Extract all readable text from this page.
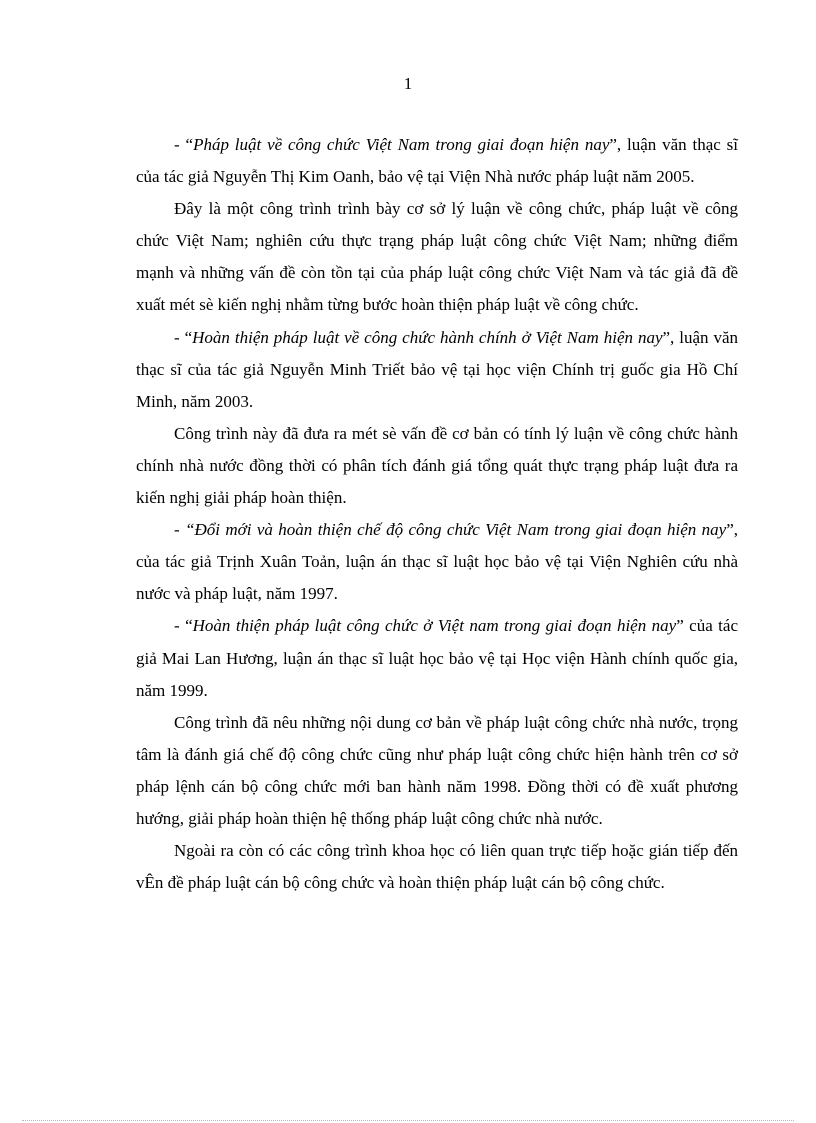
1

- “Pháp luật về công chức Việt Nam trong giai đoạn hiện nay”, luận văn thạc sĩ của tác giả Nguyễn Thị Kim Oanh, bảo vệ tại Viện Nhà nước pháp luật năm 2005.

Đây là một công trình trình bày cơ sở lý luận về công chức, pháp luật về công chức Việt Nam; nghiên cứu thực trạng pháp luật công chức Việt Nam; những điểm mạnh và những vấn đề còn tồn tại của pháp luật công chức Việt Nam và tác giả đã đề xuất mét sè kiến nghị nhằm từng bước hoàn thiện pháp luật về công chức.

- “Hoàn thiện pháp luật về công chức hành chính ở Việt Nam hiện nay”, luận văn thạc sĩ của tác giả Nguyễn Minh Triết bảo vệ tại học viện Chính trị guốc gia Hồ Chí Minh, năm 2003.

Công trình này đã đưa ra mét sè vấn đề cơ bản có tính lý luận về công chức hành chính nhà nước đồng thời có phân tích đánh giá tổng quát thực trạng pháp luật đưa ra kiến nghị giải pháp hoàn thiện.

- “Đổi mới và hoàn thiện chế độ công chức Việt Nam trong giai đoạn hiện nay”, của tác giả Trịnh Xuân Toản, luận án thạc sĩ luật học bảo vệ tại Viện Nghiên cứu nhà nước và pháp luật, năm 1997.

- “Hoàn thiện pháp luật công chức ở Việt nam trong giai đoạn hiện nay” của tác giả Mai Lan Hương, luận án thạc sĩ luật học bảo vệ tại Học viện Hành chính quốc gia, năm 1999.

Công trình đã nêu những nội dung cơ bản về pháp luật công chức nhà nước, trọng tâm là đánh giá chế độ công chức cũng như pháp luật công chức hiện hành trên cơ sở pháp lệnh cán bộ công chức mới ban hành năm 1998. Đồng thời có đề xuất phương hướng, giải pháp hoàn thiện hệ thống pháp luật công chức nhà nước.

Ngoài ra còn có các công trình khoa học có liên quan trực tiếp hoặc gián tiếp đến vÊn đề pháp luật cán bộ công chức và hoàn thiện pháp luật cán bộ công chức.
